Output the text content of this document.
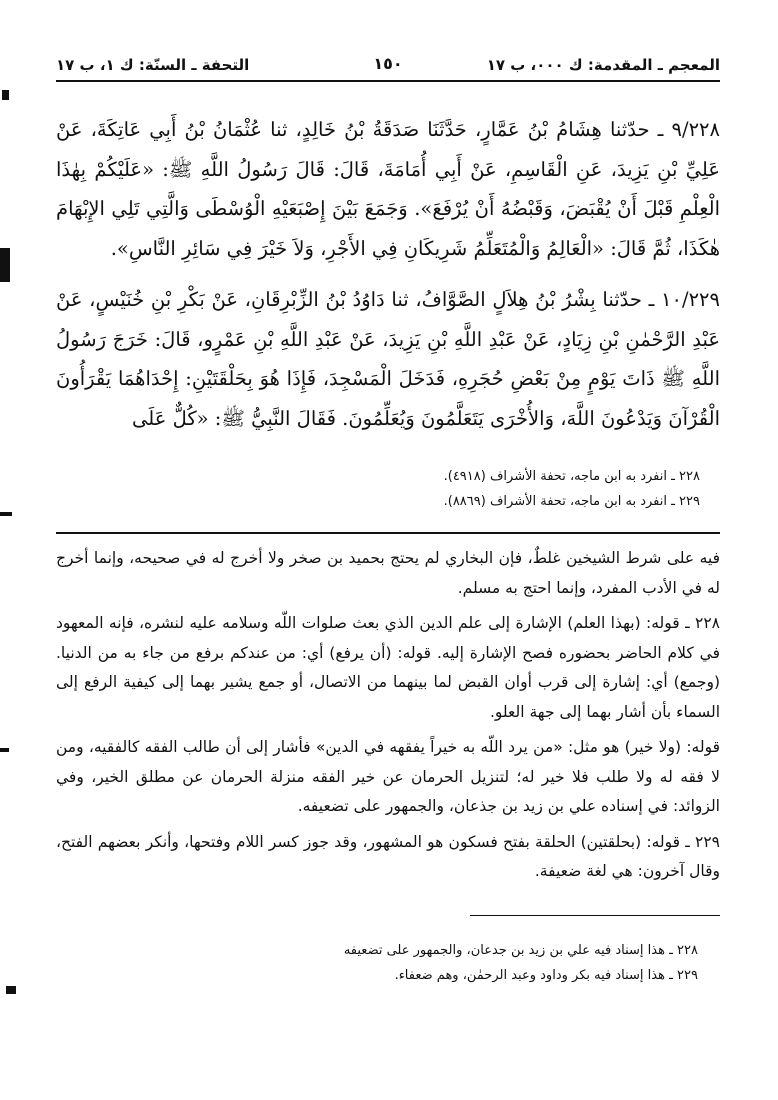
المعجم ـ المقدمة: ك ٠٠٠، ب ١٧
١٥٠
التحفة ـ السنّة: ك ١، ب ١٧

٩/٢٢٨ ـ حدّثنا هِشَامُ بْنُ عَمَّارٍ، حَدَّثَنَا صَدَقَةُ بْنُ خَالِدٍ، ثنا عُثْمَانُ بْنُ أَبِي عَاتِكَةَ، عَنْ عَلِيِّ بْنِ يَزِيدَ، عَنِ الْقَاسِمِ، عَنْ أَبِي أُمَامَةَ، قَالَ: قَالَ رَسُولُ اللَّهِ ﷺ: «عَلَيْكُمْ بِهٰذَا الْعِلْمِ قَبْلَ أَنْ يُقْبَضَ، وَقَبْضُهُ أَنْ يُرْفَعَ». وَجَمَعَ بَيْنَ إِصْبَعَيْهِ الْوُسْطَى وَالَّتِي تَلِي الإِبْهَامَ هٰكَذَا، ثُمَّ قَالَ: «الْعَالِمُ وَالْمُتَعَلِّمُ شَرِيكَانِ فِي الأَجْرِ، وَلاَ خَيْرَ فِي سَائِرِ النَّاسِ».

١٠/٢٢٩ ـ حدّثنا بِشْرُ بْنُ هِلاَلٍ الصَّوَّافُ، ثنا دَاوُدُ بْنُ الزِّبْرِقَانِ، عَنْ بَكْرِ بْنِ خُنَيْسٍ، عَنْ عَبْدِ الرَّحْمٰنِ بْنِ زِيَادٍ، عَنْ عَبْدِ اللَّهِ بْنِ يَزِيدَ، عَنْ عَبْدِ اللَّهِ بْنِ عَمْرٍو، قَالَ: خَرَجَ رَسُولُ اللَّهِ ﷺ ذَاتَ يَوْمٍ مِنْ بَعْضِ حُجَرِهِ، فَدَخَلَ الْمَسْجِدَ، فَإِذَا هُوَ بِحَلْقَتَيْنِ: إِحْدَاهُمَا يَقْرَأُونَ الْقُرْآنَ وَيَدْعُونَ اللَّهَ، وَالأُخْرَى يَتَعَلَّمُونَ وَيُعَلِّمُونَ. فَقَالَ النَّبِيُّ ﷺ: «كُلٌّ عَلَى

٢٢٨ ـ انفرد به ابن ماجه، تحفة الأشراف (٤٩١٨).
٢٢٩ ـ انفرد به ابن ماجه، تحفة الأشراف (٨٨٦٩).

فيه على شرط الشيخين غلطٌ، فإن البخاري لم يحتج بحميد بن صخر ولا أخرج له في صحيحه، وإنما أخرج له في الأدب المفرد، وإنما احتج به مسلم.

٢٢٨ ـ قوله: (بهذا العلم) الإشارة إلى علم الدين الذي بعث صلوات اللّه وسلامه عليه لنشره، فإنه المعهود في كلام الحاضر بحضوره فصح الإشارة إليه. قوله: (أن يرفع) أي: من عندكم برفع من جاء به من الدنيا. (وجمع) أي: إشارة إلى قرب أوان القبض لما بينهما من الاتصال، أو جمع يشير بهما إلى كيفية الرفع إلى السماء بأن أشار بهما إلى جهة العلو.

قوله: (ولا خير) هو مثل: «من يرد اللّه به خيراً يفقهه في الدين» فأشار إلى أن طالب الفقه كالفقيه، ومن لا فقه له ولا طلب فلا خير له؛ لتنزيل الحرمان عن خير الفقه منزلة الحرمان عن مطلق الخير، وفي الزوائد: في إسناده علي بن زيد بن جذعان، والجمهور على تضعيفه.

٢٢٩ ـ قوله: (بحلقتين) الحلقة بفتح فسكون هو المشهور، وقد جوز كسر اللام وفتحها، وأنكر بعضهم الفتح، وقال آخرون: هي لغة ضعيفة.

٢٢٨ ـ هذا إسناد فيه علي بن زيد بن جدعان، والجمهور على تضعيفه
٢٢٩ ـ هذا إسناد فيه بكر وداود وعبد الرحمٰن، وهم ضعفاء.
